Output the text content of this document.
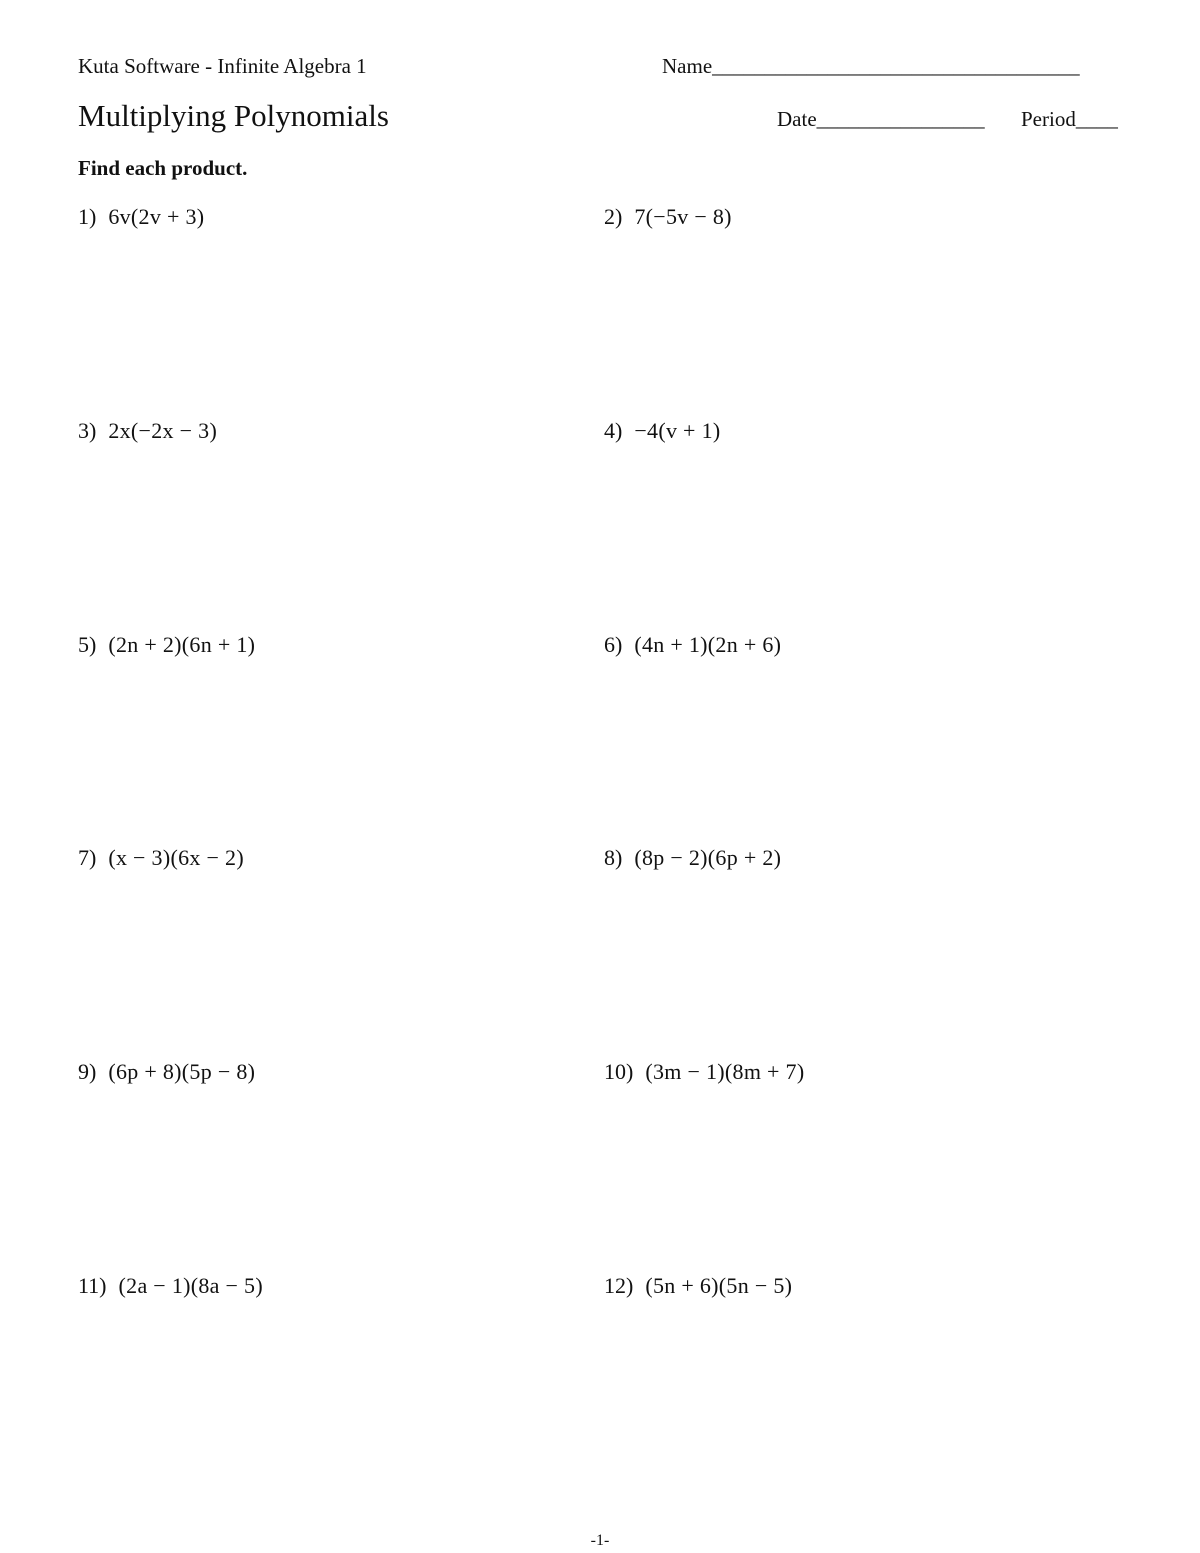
Kuta Software - Infinite Algebra 1	Name___________________________________
Multiplying Polynomials	Date________________ Period____
Find each product.
1) 6v(2v + 3)	2) 7(−5v − 8)
3) 2x(−2x − 3)	4) −4(v + 1)
5) (2n + 2)(6n + 1)	6) (4n + 1)(2n + 6)
7) (x − 3)(6x − 2)	8) (8p − 2)(6p + 2)
9) (6p + 8)(5p − 8)	10) (3m − 1)(8m + 7)
11) (2a − 1)(8a − 5)	12) (5n + 6)(5n − 5)
-1-
